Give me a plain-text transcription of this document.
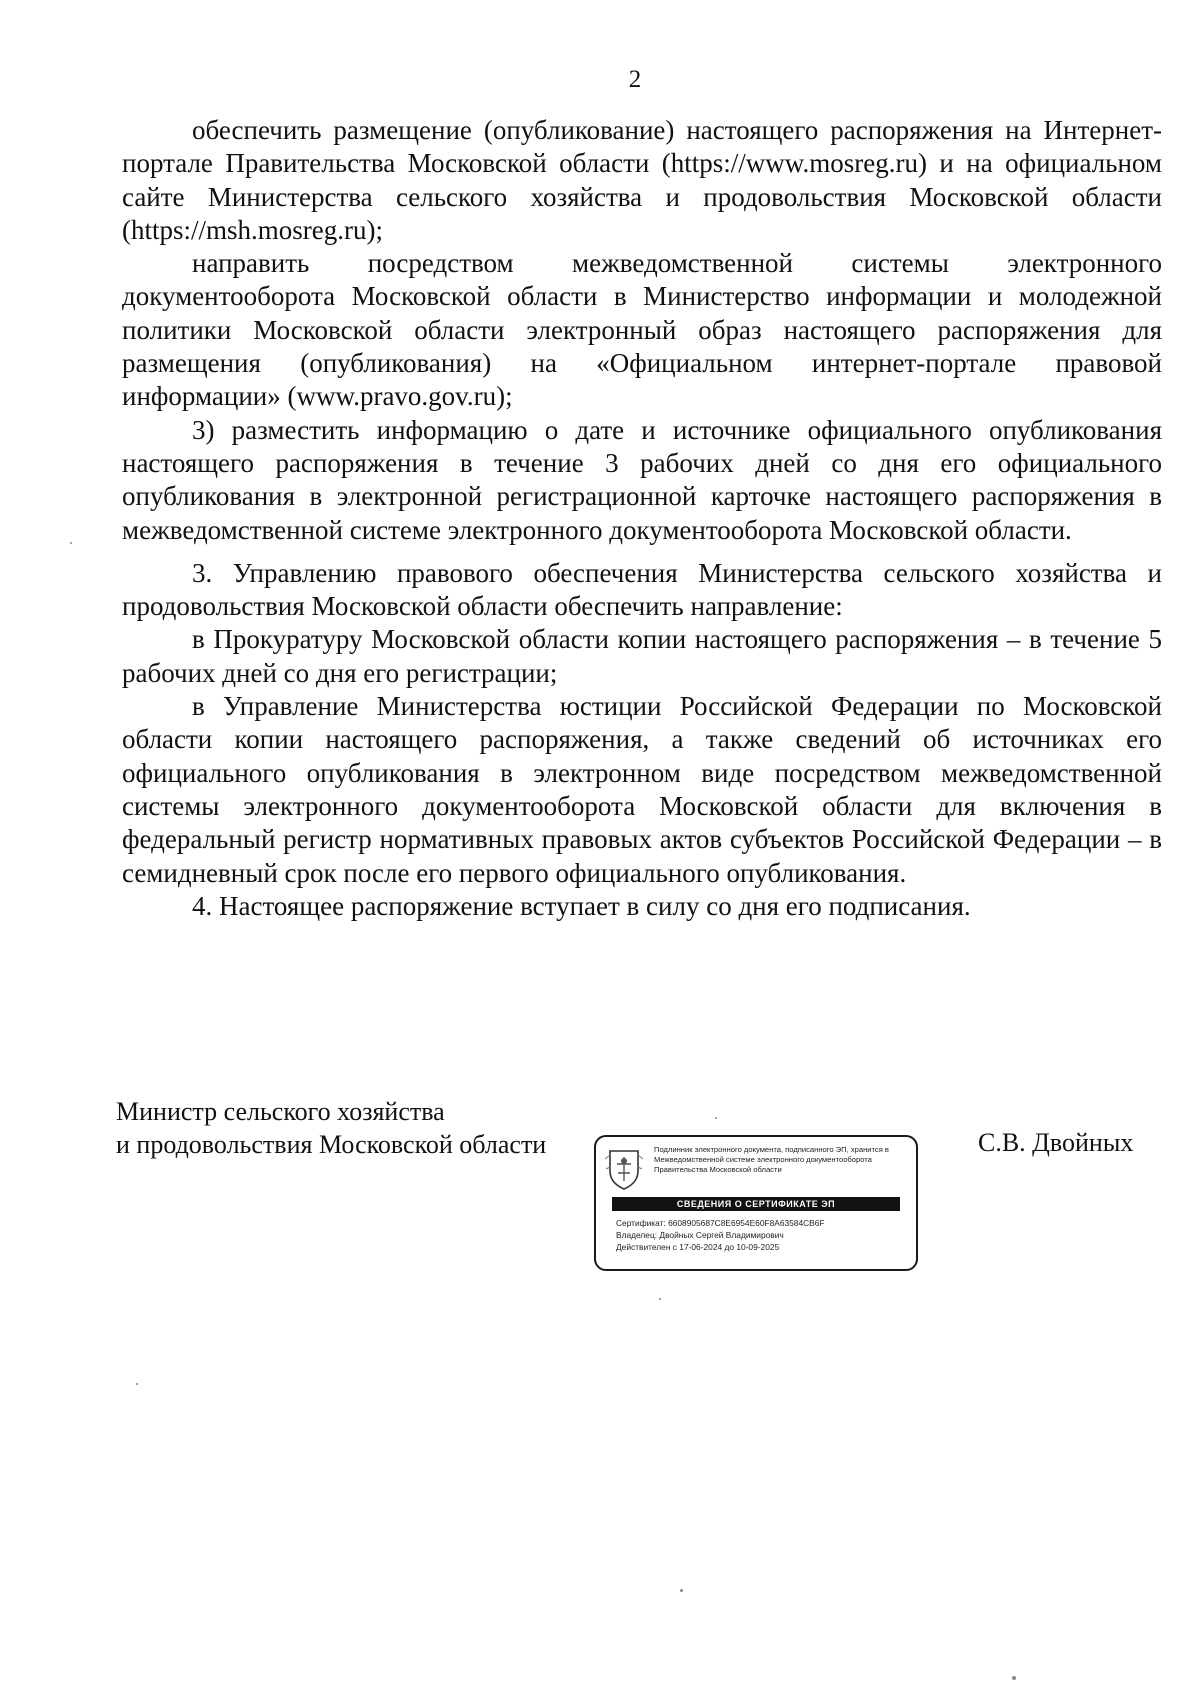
2

обеспечить размещение (опубликование) настоящего распоряжения на Интернет-портале Правительства Московской области (https://www.mosreg.ru) и на официальном сайте Министерства сельского хозяйства и продовольствия Московской области (https://msh.mosreg.ru);

направить посредством межведомственной системы электронного документооборота Московской области в Министерство информации и молодежной политики Московской области электронный образ настоящего распоряжения для размещения (опубликования) на «Официальном интернет-портале правовой информации» (www.pravo.gov.ru);

3) разместить информацию о дате и источнике официального опубликования настоящего распоряжения в течение 3 рабочих дней со дня его официального опубликования в электронной регистрационной карточке настоящего распоряжения в межведомственной системе электронного документооборота Московской области.

3. Управлению правового обеспечения Министерства сельского хозяйства и продовольствия Московской области обеспечить направление:

в Прокуратуру Московской области копии настоящего распоряжения – в течение 5 рабочих дней со дня его регистрации;

в Управление Министерства юстиции Российской Федерации по Московской области копии настоящего распоряжения, а также сведений об источниках его официального опубликования в электронном виде посредством межведомственной системы электронного документооборота Московской области для включения в федеральный регистр нормативных правовых актов субъектов Российской Федерации – в семидневный срок после его первого официального опубликования.

4. Настоящее распоряжение вступает в силу со дня его подписания.

Министр сельского хозяйства
и продовольствия Московской области	Подлинник электронного документа, подписанного ЭП, хранится в Межведомственной системе электронного документооборота Правительства Московской области
СВЕДЕНИЯ О СЕРТИФИКАТЕ ЭП
Сертификат: 6608905687C8E6954E60F8A63584CB6F
Владелец: Двойных Сергей Владимирович
Действителен с 17-06-2024 до 10-09-2025
С.В. Двойных
